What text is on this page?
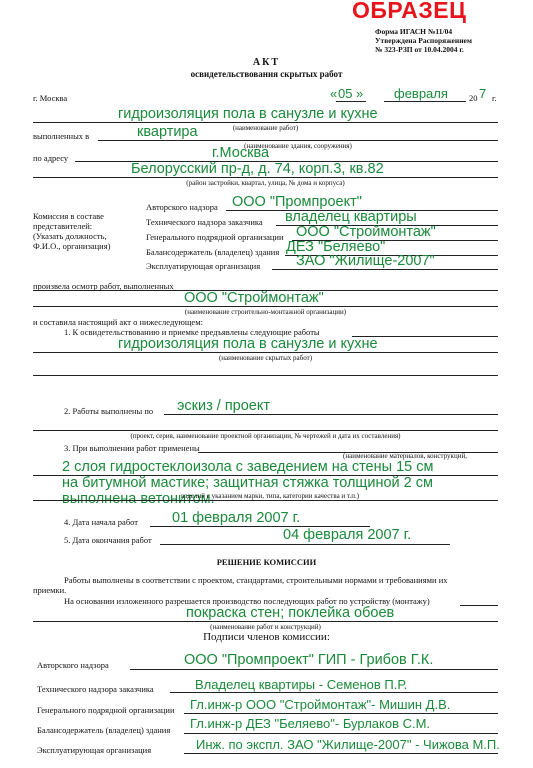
ОБРАЗЕЦ
Форма ИГАСН №11/04
Утверждена Распоряжением
№ 323-РЗП от 10.04.2004 г.
АКТ
освидетельствования скрытых работ
г. Москва	« 05 » февраля 20 7 г.
гидроизоляция пола в санузле и кухне
(наименование работ)
выполненных в	квартира
(наименование здания, сооружения)
по адресу	г.Москва
Белорусский пр-д, д. 74, корп.3, кв.82
(район застройки, квартал, улица, № дома и корпуса)
Комиссия в составе
представителей:
(Указать должность,
Ф.И.О., организация)
Авторского надзора ООО "Промпроект"
Технического надзора заказчика владелец квартиры
Генерального подрядной организации ООО "Строймонтаж"
Балансодержатель (владелец) здания ДЕЗ "Беляево"
Эксплуатирующая организация ЗАО "Жилище-2007"
произвела осмотр работ, выполненных
ООО "Строймонтаж"
(наименование строительно-монтажной организации)
и составила настоящий акт о нижеследующем:
1. К освидетельствованию и приемке предъявлены следующие работы
гидроизоляция пола в санузле и кухне
(наименование скрытых работ)
2. Работы выполнены по эскиз / проект
(проект, серия, наименование проектной организации, № чертежей и дата их составления)
3. При выполнении работ применены
(наименование материалов, конструкций,
2 слоя гидростеклоизола с заведением на стены 15 см
на битумной мастике; защитная стяжка толщиной 2 см
выполнена ветонитом.
изделий с указанием марки, типа, категории качества и т.п.)
4. Дата начала работ 01 февраля 2007 г.
5. Дата окончания работ	04 февраля 2007 г.
РЕШЕНИЕ КОМИССИИ
Работы выполнены в соответствии с проектом, стандартами, строительными нормами и требованиями их
приемки.
На основании изложенного разрешается производство последующих работ по устройству (монтажу)
покраска стен; поклейка обоев
(наименование работ и конструкций)
Подписи членов комиссии:
Авторского надзора	ООО "Промпроект" ГИП - Грибов Г.К.
Технического надзора заказчика	Владелец квартиры - Семенов П.Р.
Генерального подрядной организации Гл.инж-р ООО "Строймонтаж"- Мишин Д.В.
Балансодержатель (владелец) здания Гл.инж-р ДЕЗ "Беляево"- Бурлаков С.М.
Эксплуатирующая организация	Инж. по экспл. ЗАО "Жилище-2007" - Чижова М.П.
